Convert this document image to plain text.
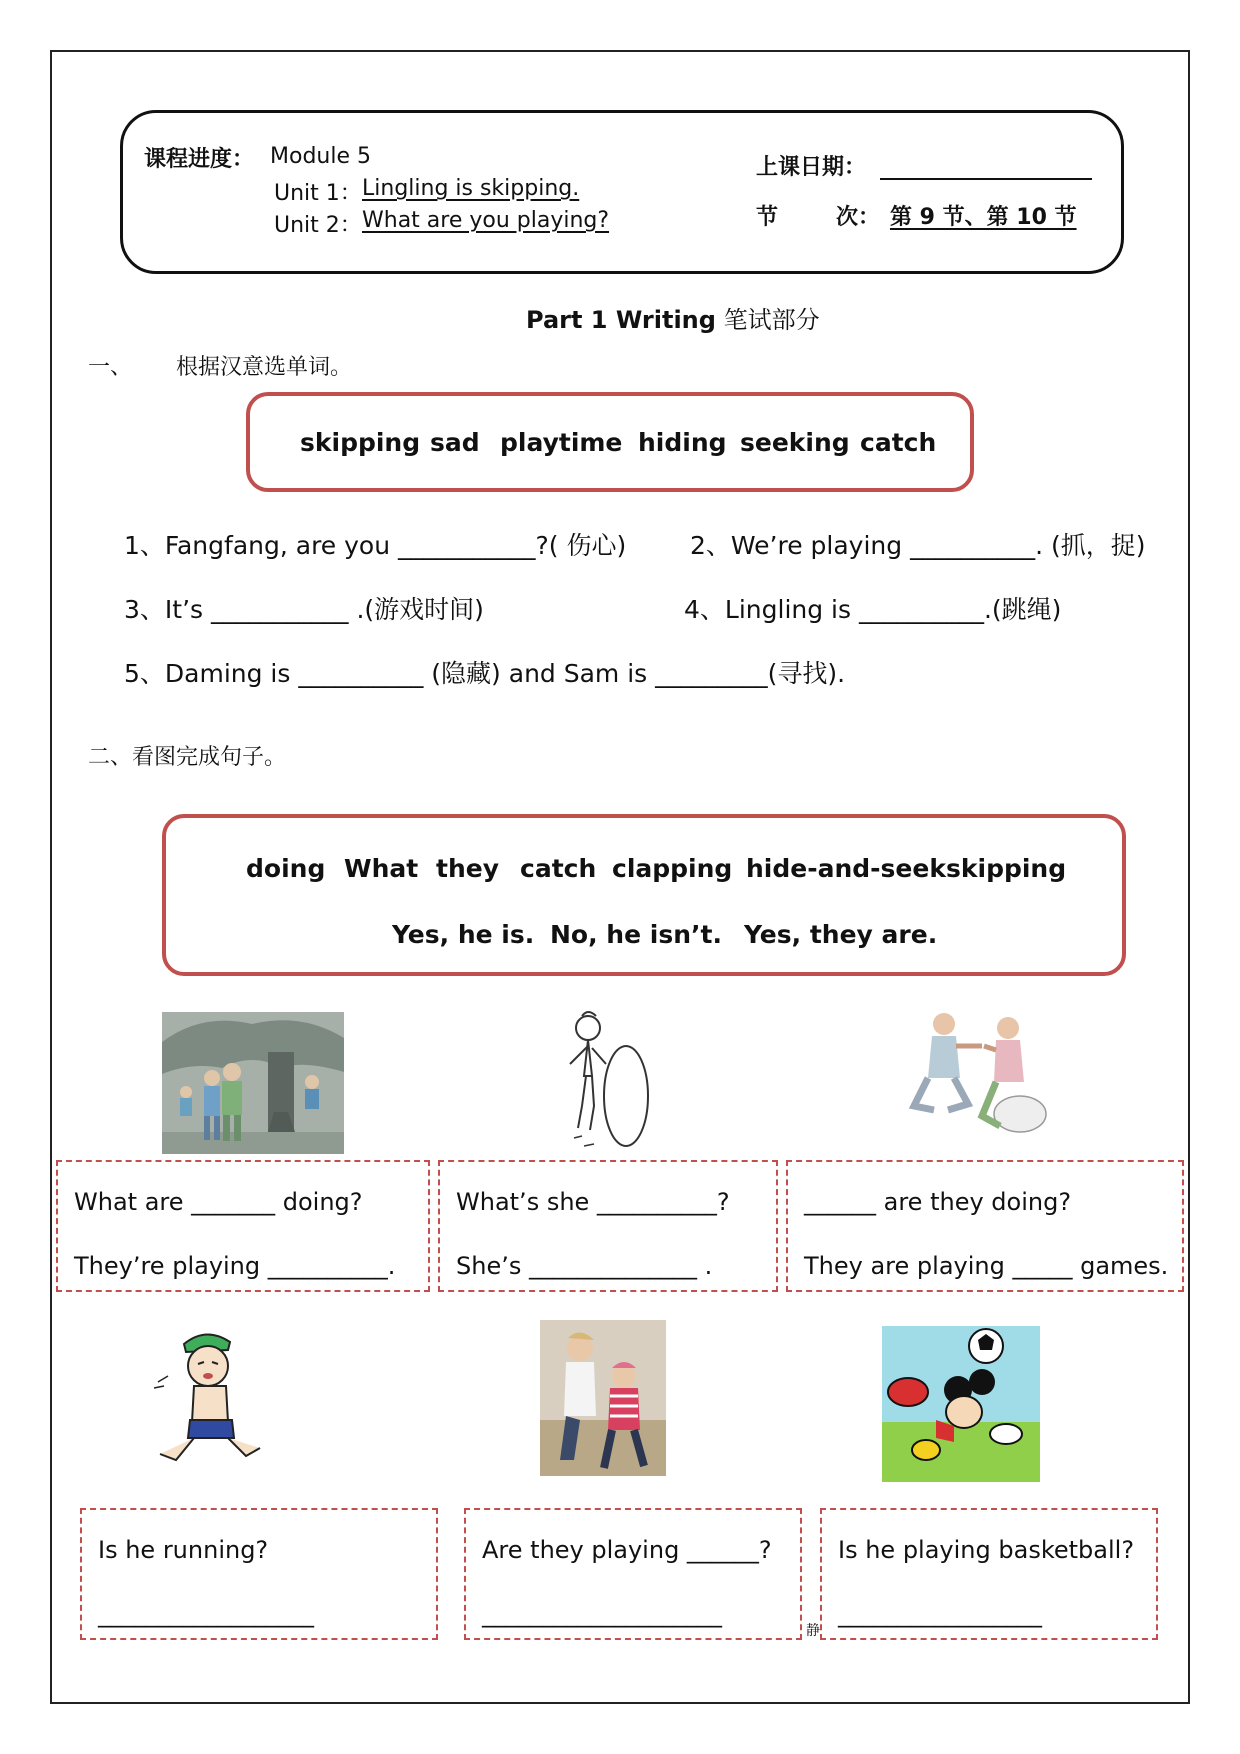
课程进度： Module 5
Unit 1： Lingling is skipping.
Unit 2： What are you playing?
上课日期：
节	次： 第 9 节、第 10 节
Part 1 Writing 笔试部分
一、 根据汉意选单词。
skipping sad playtime hiding seeking catch
1、Fangfang, are you ___________?( 伤心)	2、We’re playing __________. (抓，捉)
3、It’s ___________ .(游戏时间)	4、Lingling is __________.(跳绳)
5、Daming is __________ (隐藏) and Sam is _________(寻找).
二、看图完成句子。
doing What they catch clapping hide-and-seek skipping
Yes, he is. No, he isn’t. Yes, they are.
What are _______ doing?
They’re playing __________.
What’s she __________?
She’s ______________ .
______ are they doing?
They are playing _____ games.
Is he running?
__________________
Are they playing ______?
____________________
Is he playing basketball?
_________________
静
